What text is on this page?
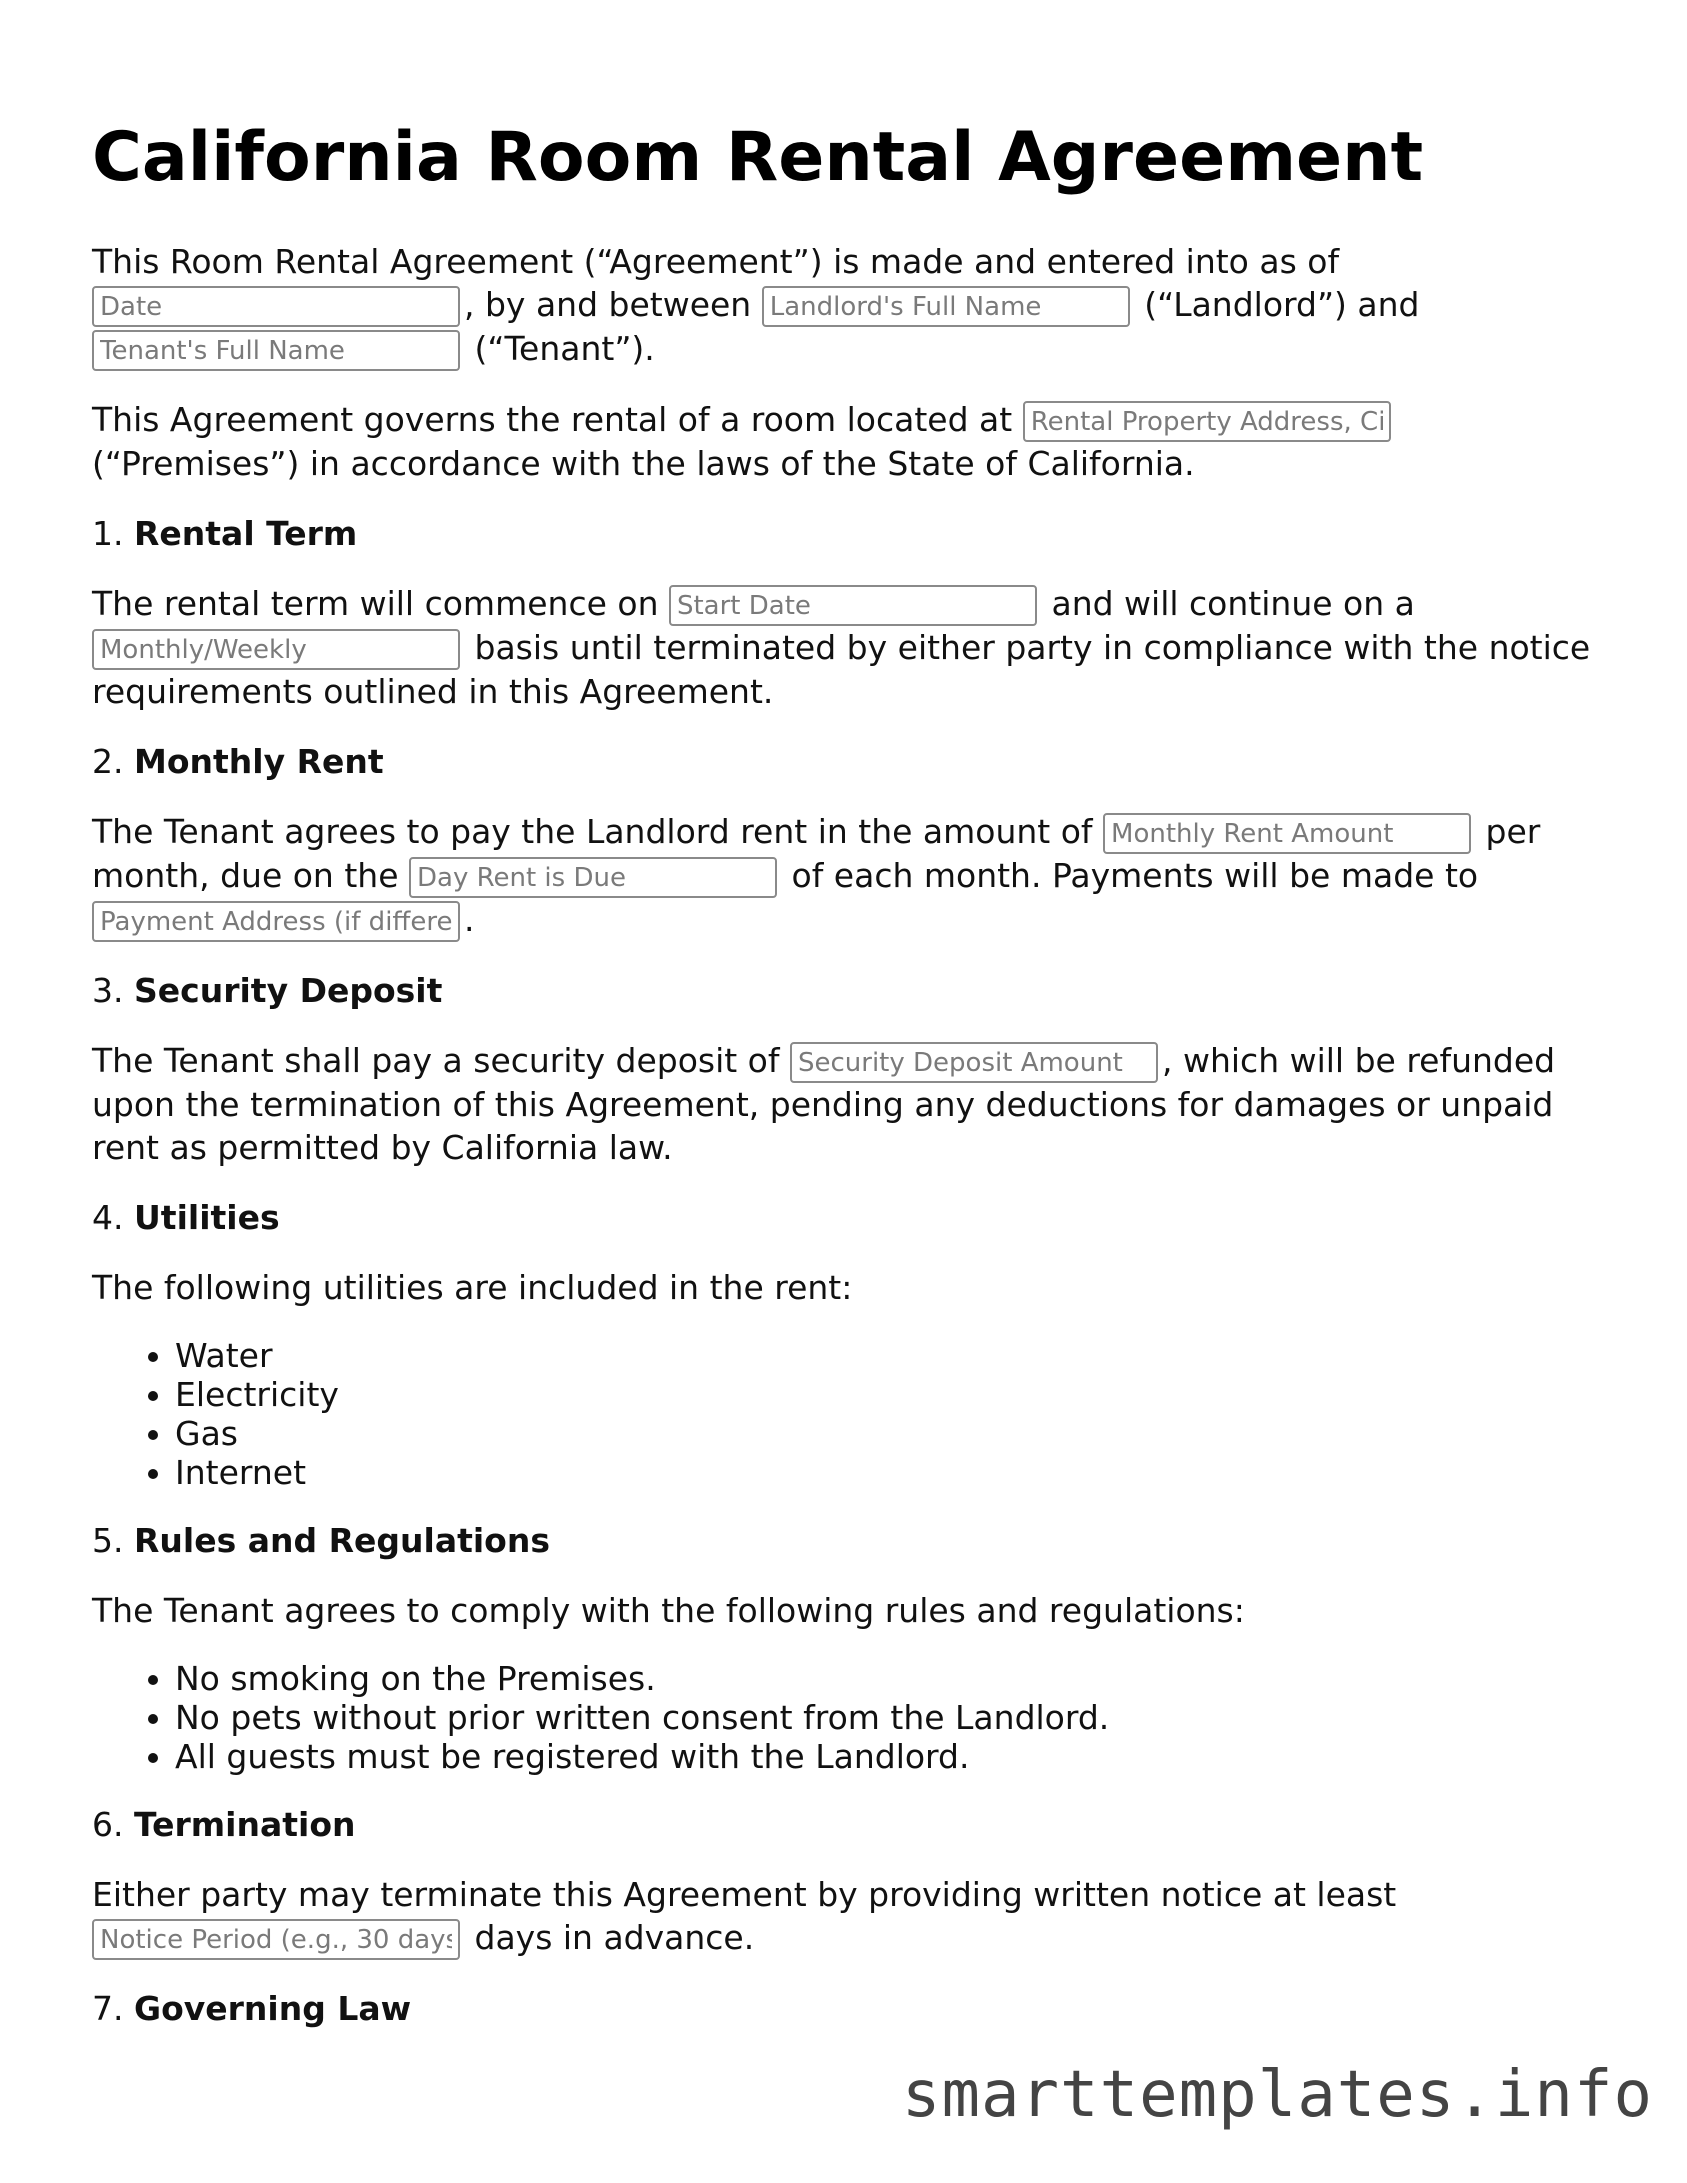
California Room Rental Agreement

This Room Rental Agreement (“Agreement”) is made and entered into as of Date, by and between Landlord's Full Name	(“Landlord”) and Tenant's Full Name (“Tenant”).

This Agreement governs the rental of a room located at Rental Property Address, City, State, Zip (“Premises”) in accordance with the laws of the State of California.

1. Rental Term

The rental term will commence on Start Date	and will continue on a Monthly/Weekly basis until terminated by either party in compliance with the notice requirements outlined in this Agreement.

2. Monthly Rent

The Tenant agrees to pay the Landlord rent in the amount of Monthly Rent Amount	per month, due on the Day Rent is Due	of each month. Payments will be made to Payment Address (if different).

3. Security Deposit

The Tenant shall pay a security deposit of Security Deposit Amount	, which will be refunded upon the termination of this Agreement, pending any deductions for damages or unpaid rent as permitted by California law.

4. Utilities

The following utilities are included in the rent:

• Water
• Electricity
• Gas
• Internet
5. Rules and Regulations

The Tenant agrees to comply with the following rules and regulations:

• No smoking on the Premises.
• No pets without prior written consent from the Landlord.
• All guests must be registered with the Landlord.
6. Termination

Either party may terminate this Agreement by providing written notice at least Notice Period (e.g., 30 days) days in advance.

7. Governing Law
smarttemplates.info
